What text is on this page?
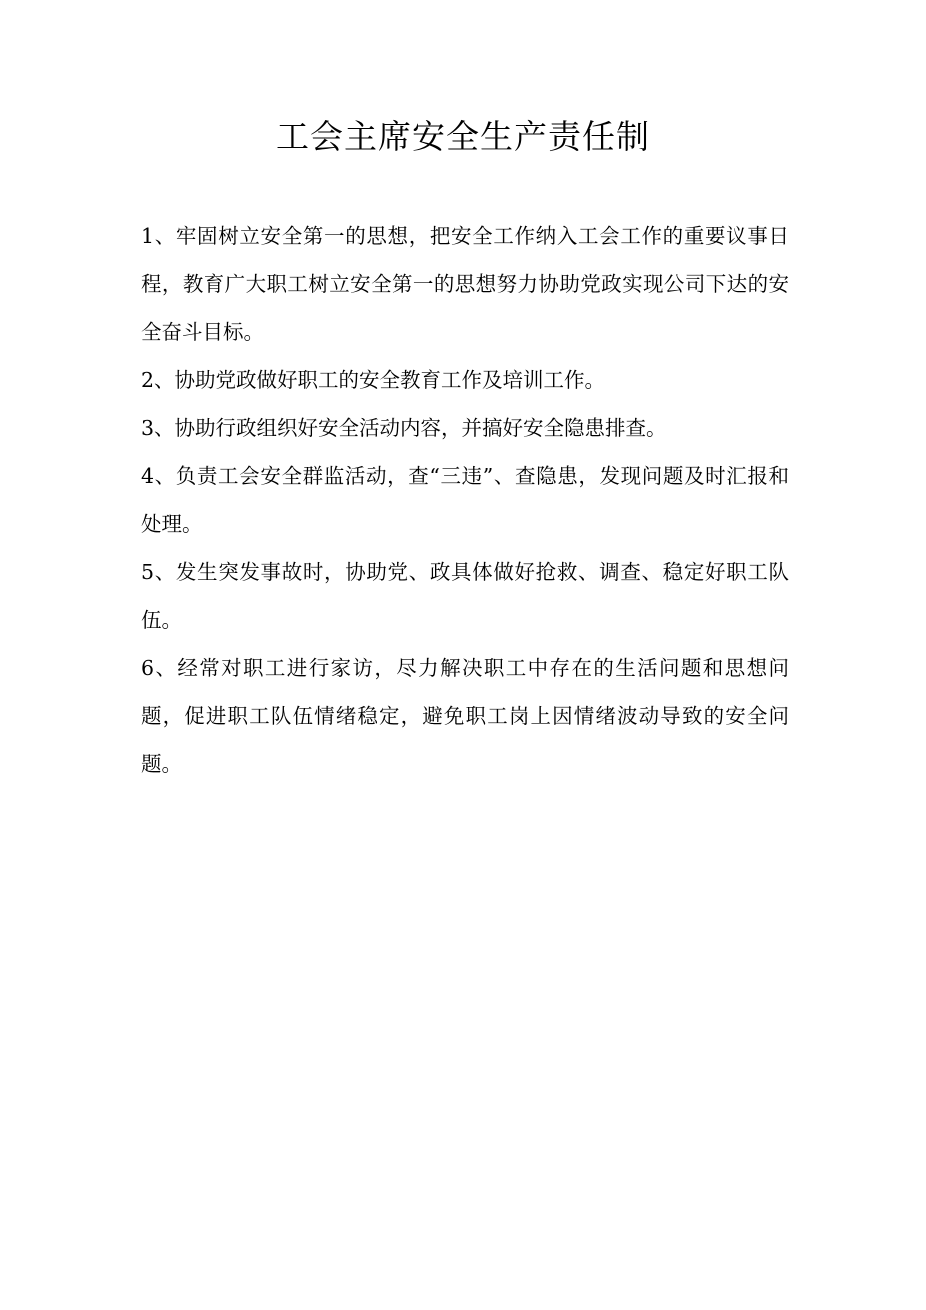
工会主席安全生产责任制

1、牢固树立安全第一的思想，把安全工作纳入工会工作的重要议事日程，教育广大职工树立安全第一的思想努力协助党政实现公司下达的安全奋斗目标。

2、协助党政做好职工的安全教育工作及培训工作。

3、协助行政组织好安全活动内容，并搞好安全隐患排查。

4、负责工会安全群监活动，查“三违”、查隐患，发现问题及时汇报和处理。

5、发生突发事故时，协助党、政具体做好抢救、调查、稳定好职工队伍。

6、经常对职工进行家访，尽力解决职工中存在的生活问题和思想问题，促进职工队伍情绪稳定，避免职工岗上因情绪波动导致的安全问题。
